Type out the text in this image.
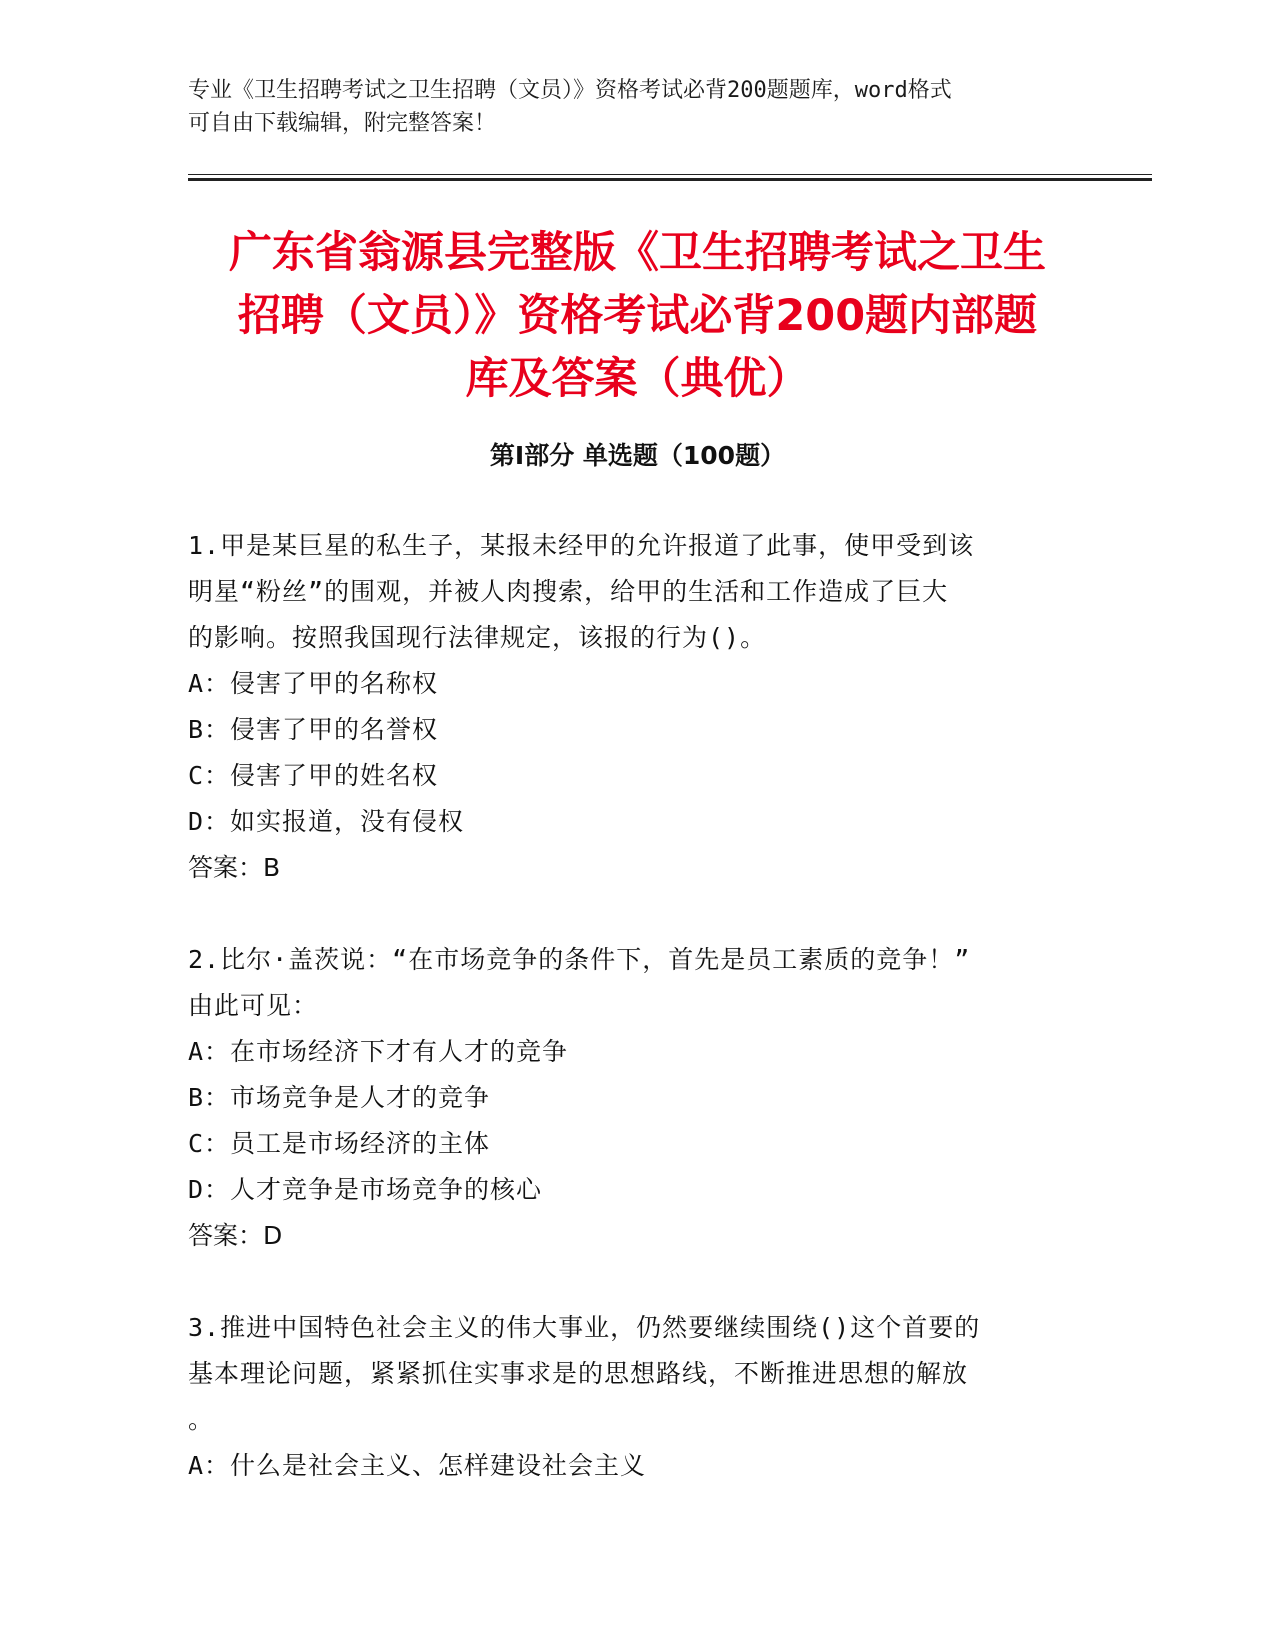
专业《卫生招聘考试之卫生招聘（文员）》资格考试必背200题题库，word格式
可自由下载编辑，附完整答案！
广东省翁源县完整版《卫生招聘考试之卫生
招聘（文员）》资格考试必背200题内部题
库及答案（典优）
第Ⅰ部分 单选题（100题）

1.甲是某巨星的私生子，某报未经甲的允许报道了此事，使甲受到该

明星“粉丝”的围观，并被人肉搜索，给甲的生活和工作造成了巨大

的影响。按照我国现行法律规定，该报的行为()。

A：侵害了甲的名称权

B：侵害了甲的名誉权

C：侵害了甲的姓名权

D：如实报道，没有侵权

答案：B

2.比尔·盖茨说：“在市场竞争的条件下，首先是员工素质的竞争！”

由此可见：

A：在市场经济下才有人才的竞争

B：市场竞争是人才的竞争

C：员工是市场经济的主体

D：人才竞争是市场竞争的核心

答案：D

3.推进中国特色社会主义的伟大事业，仍然要继续围绕()这个首要的

基本理论问题，紧紧抓住实事求是的思想路线，不断推进思想的解放

。

A：什么是社会主义、怎样建设社会主义
